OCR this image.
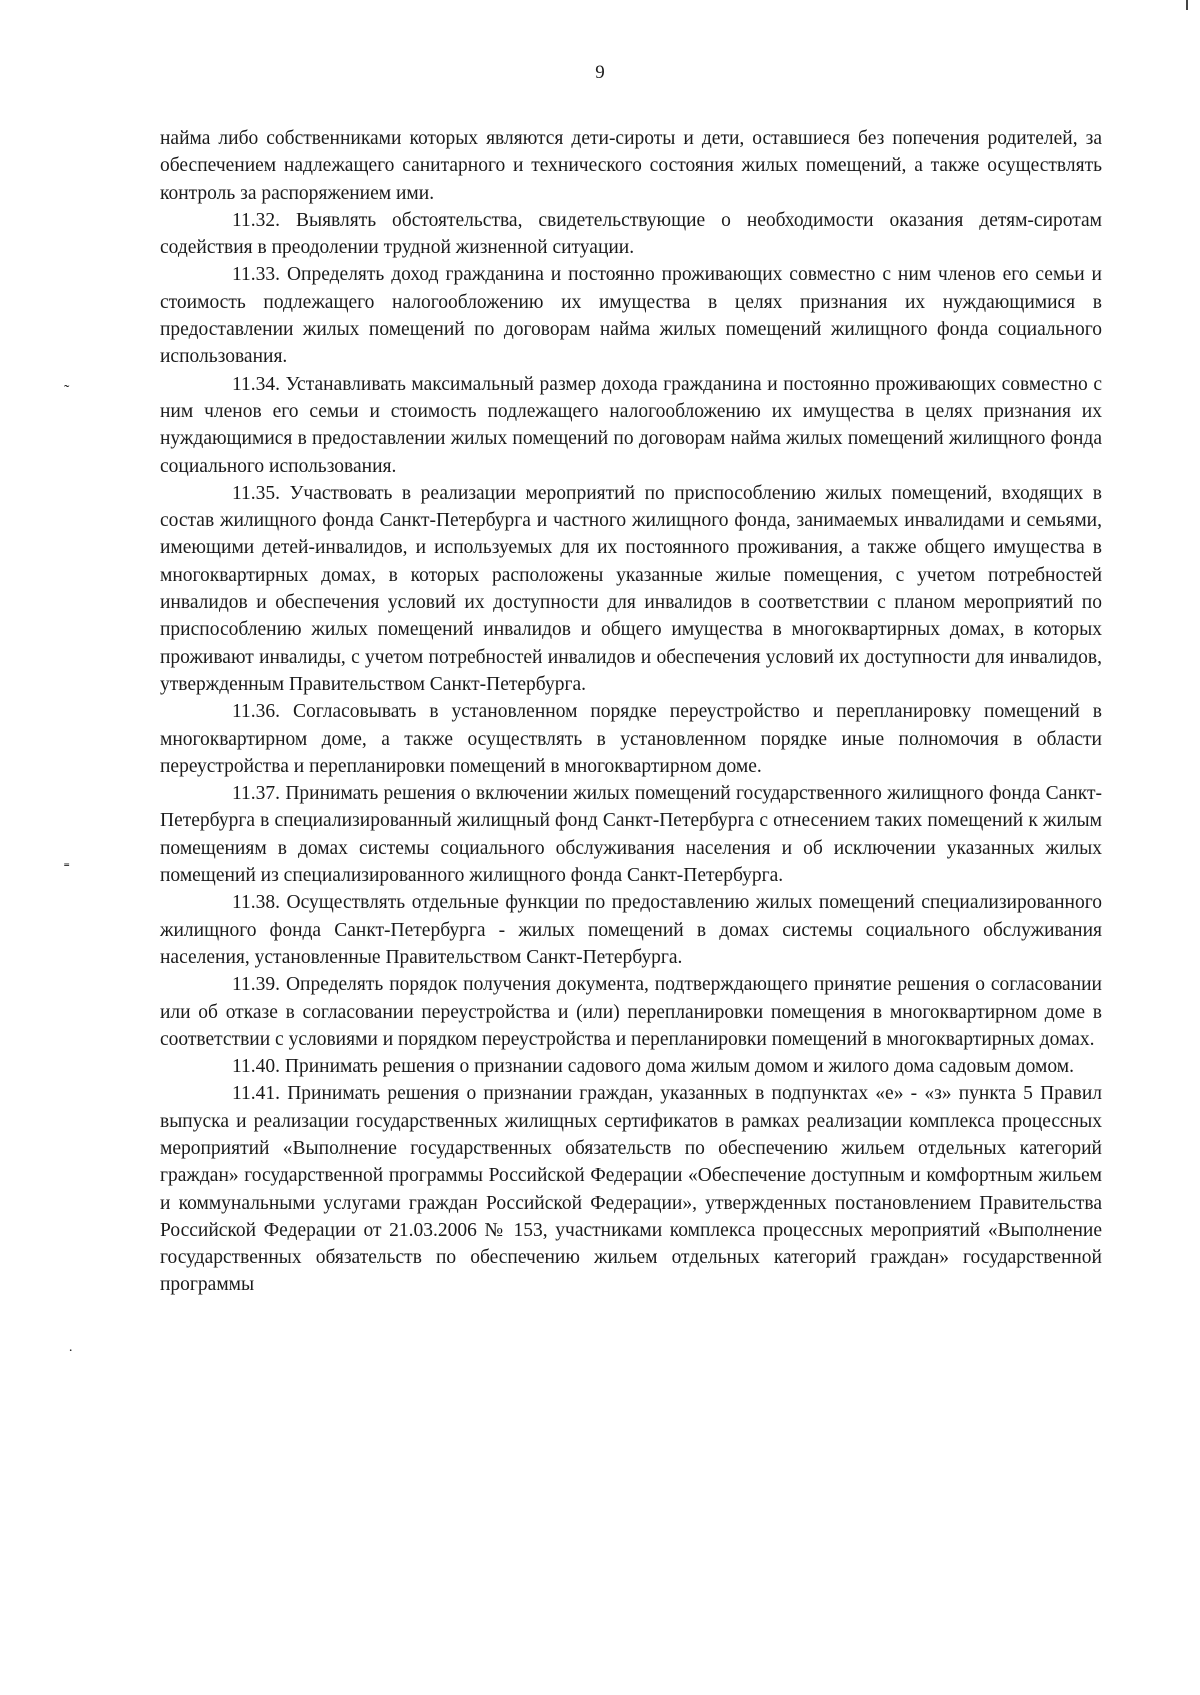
9
˷
˭
˙

найма либо собственниками которых являются дети-сироты и дети, оставшиеся без попечения родителей, за обеспечением надлежащего санитарного и технического состояния жилых помещений, а также осуществлять контроль за распоряжением ими.

11.32. Выявлять обстоятельства, свидетельствующие о необходимости оказания детям-сиротам содействия в преодолении трудной жизненной ситуации.

11.33. Определять доход гражданина и постоянно проживающих совместно с ним членов его семьи и стоимость подлежащего налогообложению их имущества в целях признания их нуждающимися в предоставлении жилых помещений по договорам найма жилых помещений жилищного фонда социального использования.

11.34. Устанавливать максимальный размер дохода гражданина и постоянно проживающих совместно с ним членов его семьи и стоимость подлежащего налогообложению их имущества в целях признания их нуждающимися в предоставлении жилых помещений по договорам найма жилых помещений жилищного фонда социального использования.

11.35. Участвовать в реализации мероприятий по приспособлению жилых помещений, входящих в состав жилищного фонда Санкт-Петербурга и частного жилищного фонда, занимаемых инвалидами и семьями, имеющими детей-инвалидов, и используемых для их постоянного проживания, а также общего имущества в многоквартирных домах, в которых расположены указанные жилые помещения, с учетом потребностей инвалидов и обеспечения условий их доступности для инвалидов в соответствии с планом мероприятий по приспособлению жилых помещений инвалидов и общего имущества в многоквартирных домах, в которых проживают инвалиды, с учетом потребностей инвалидов и обеспечения условий их доступности для инвалидов, утвержденным Правительством Санкт-Петербурга.

11.36. Согласовывать в установленном порядке переустройство и перепланировку помещений в многоквартирном доме, а также осуществлять в установленном порядке иные полномочия в области переустройства и перепланировки помещений в многоквартирном доме.

11.37. Принимать решения о включении жилых помещений государственного жилищного фонда Санкт-Петербурга в специализированный жилищный фонд Санкт-Петербурга с отнесением таких помещений к жилым помещениям в домах системы социального обслуживания населения и об исключении указанных жилых помещений из специализированного жилищного фонда Санкт-Петербурга.

11.38. Осуществлять отдельные функции по предоставлению жилых помещений специализированного жилищного фонда Санкт-Петербурга - жилых помещений в домах системы социального обслуживания населения, установленные Правительством Санкт-Петербурга.

11.39. Определять порядок получения документа, подтверждающего принятие решения о согласовании или об отказе в согласовании переустройства и (или) перепланировки помещения в многоквартирном доме в соответствии с условиями и порядком переустройства и перепланировки помещений в многоквартирных домах.

11.40. Принимать решения о признании садового дома жилым домом и жилого дома садовым домом.

11.41. Принимать решения о признании граждан, указанных в подпунктах «е» - «з» пункта 5 Правил выпуска и реализации государственных жилищных сертификатов в рамках реализации комплекса процессных мероприятий «Выполнение государственных обязательств по обеспечению жильем отдельных категорий граждан» государственной программы Российской Федерации «Обеспечение доступным и комфортным жильем и коммунальными услугами граждан Российской Федерации», утвержденных постановлением Правительства Российской Федерации от 21.03.2006 № 153, участниками комплекса процессных мероприятий «Выполнение государственных обязательств по обеспечению жильем отдельных категорий граждан» государственной программы
